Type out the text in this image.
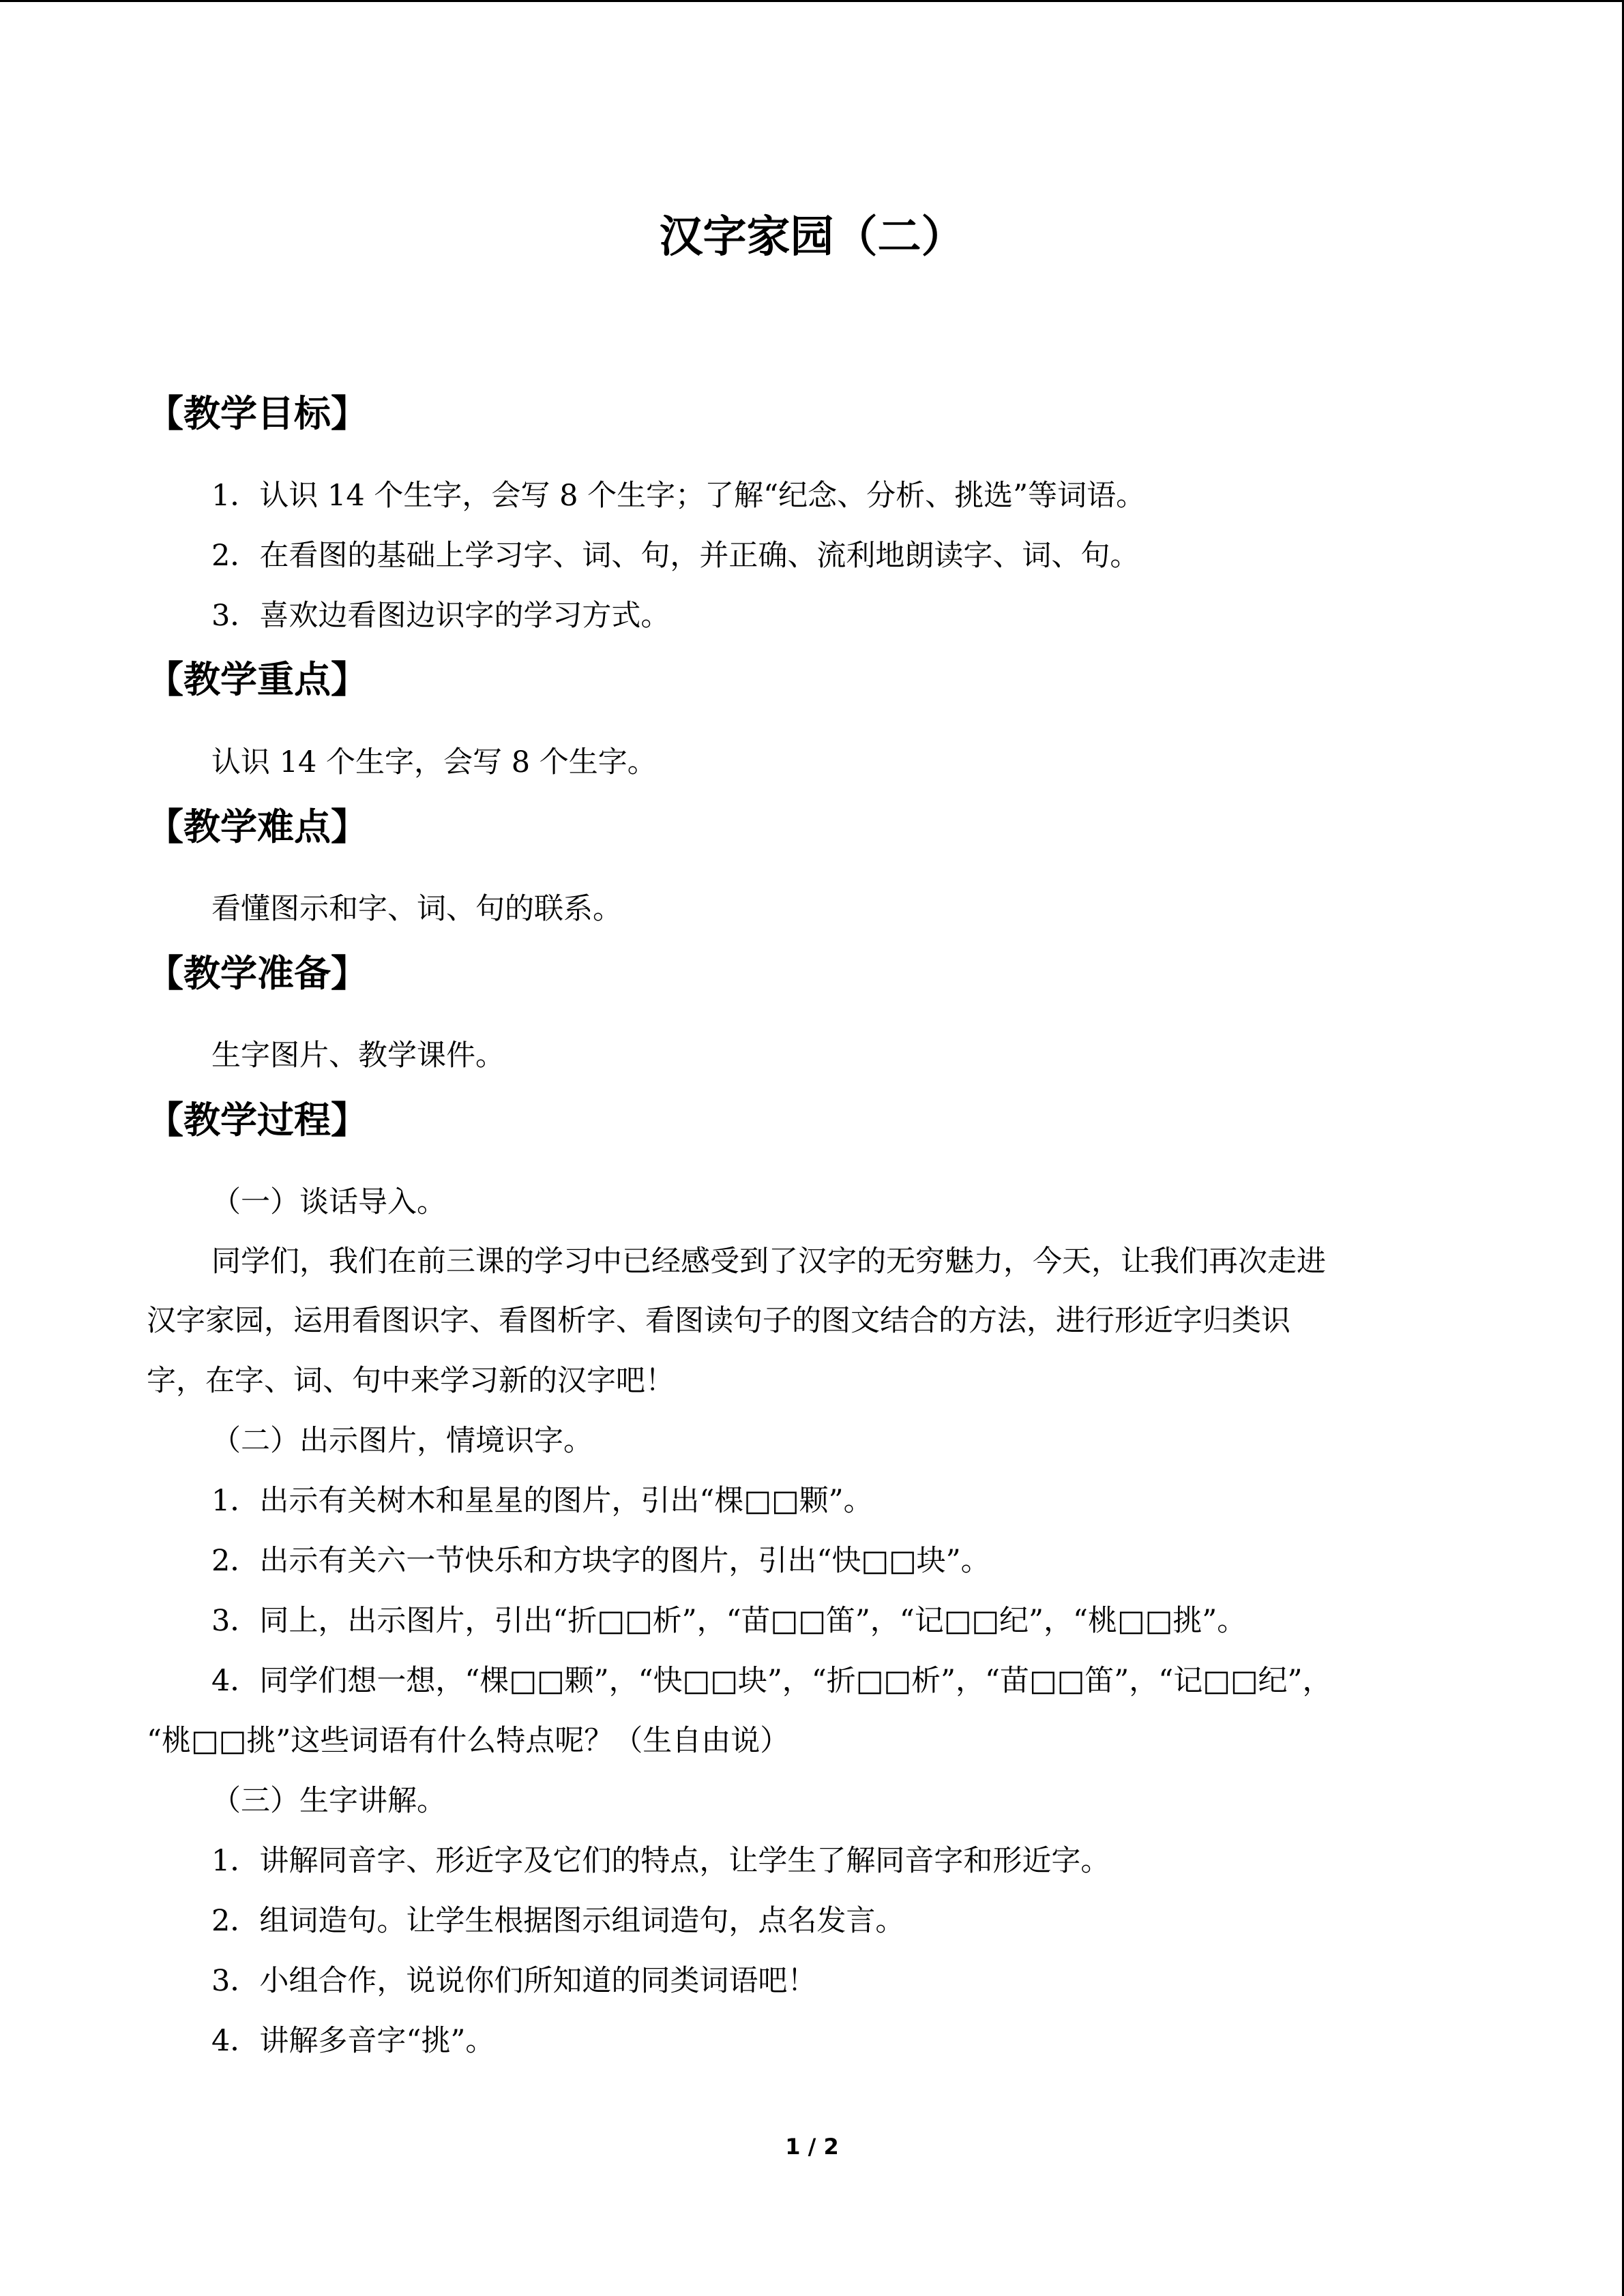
汉字家园（二）
【教学目标】
1．认识 14 个生字，会写 8 个生字；了解“纪念、分析、挑选”等词语。
2．在看图的基础上学习字、词、句，并正确、流利地朗读字、词、句。
3．喜欢边看图边识字的学习方式。
【教学重点】
认识 14 个生字，会写 8 个生字。
【教学难点】
看懂图示和字、词、句的联系。
【教学准备】
生字图片、教学课件。
【教学过程】
（一）谈话导入。
同学们，我们在前三课的学习中已经感受到了汉字的无穷魅力，今天，让我们再次走进
汉字家园，运用看图识字、看图析字、看图读句子的图文结合的方法，进行形近字归类识
字，在字、词、句中来学习新的汉字吧！
（二）出示图片，情境识字。
1．出示有关树木和星星的图片，引出“棵□□颗”。
2．出示有关六一节快乐和方块字的图片，引出“快□□块”。
3．同上，出示图片，引出“折□□析”，“苗□□笛”，“记□□纪”，“桃□□挑”。
4．同学们想一想，“棵□□颗”，“快□□块”，“折□□析”，“苗□□笛”，“记□□纪”，
“桃□□挑”这些词语有什么特点呢？（生自由说）
（三）生字讲解。
1．讲解同音字、形近字及它们的特点，让学生了解同音字和形近字。
2．组词造句。让学生根据图示组词造句，点名发言。
3．小组合作，说说你们所知道的同类词语吧！
4．讲解多音字“挑”。
1 / 2
